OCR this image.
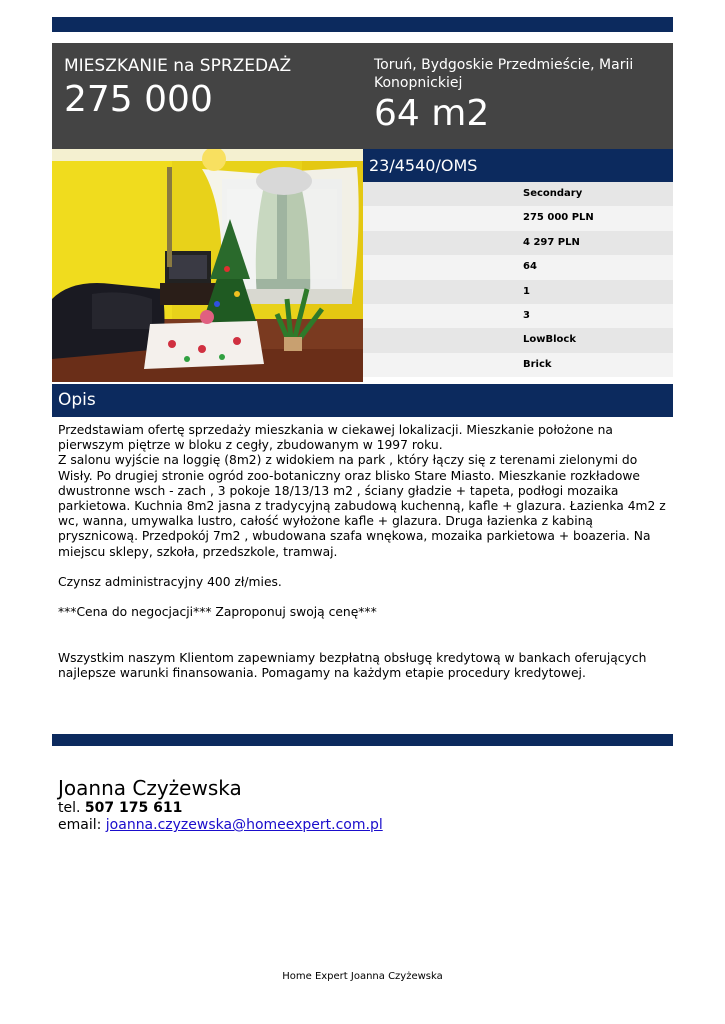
MIESZKANIE na SPRZEDAŻ
275 000
Toruń, Bydgoskie Przedmieście, Marii Konopnickiej
64 m2
23/4540/OMS
Secondary
275 000 PLN
4 297 PLN
64
1
3
LowBlock
Brick
Opis

Przedstawiam ofertę sprzedaży mieszkania w ciekawej lokalizacji. Mieszkanie położone na pierwszym piętrze w bloku z cegły, zbudowanym w 1997 roku.

Z salonu wyjście na loggię (8m2) z widokiem na park , który łączy się z terenami zielonymi do Wisły. Po drugiej stronie ogród zoo-botaniczny oraz blisko Stare Miasto. Mieszkanie rozkładowe dwustronne wsch - zach , 3 pokoje 18/13/13 m2 , ściany gładzie + tapeta, podłogi mozaika parkietowa. Kuchnia 8m2 jasna z tradycyjną zabudową kuchenną, kafle + glazura. Łazienka 4m2 z wc, wanna, umywalka lustro, całość wyłożone kafle + glazura. Druga łazienka z kabiną prysznicową. Przedpokój 7m2 , wbudowana szafa wnękowa, mozaika parkietowa + boazeria. Na miejscu sklepy, szkoła, przedszkole, tramwaj.

Czynsz administracyjny 400 zł/mies.

***Cena do negocjacji*** Zaproponuj swoją cenę***

Wszystkim naszym Klientom zapewniamy bezpłatną obsługę kredytową w bankach oferujących najlepsze warunki finansowania. Pomagamy na każdym etapie procedury kredytowej.

Joanna Czyżewska
tel. 507 175 611
email: joanna.czyzewska@homeexpert.com.pl
Home Expert Joanna Czyżewska
